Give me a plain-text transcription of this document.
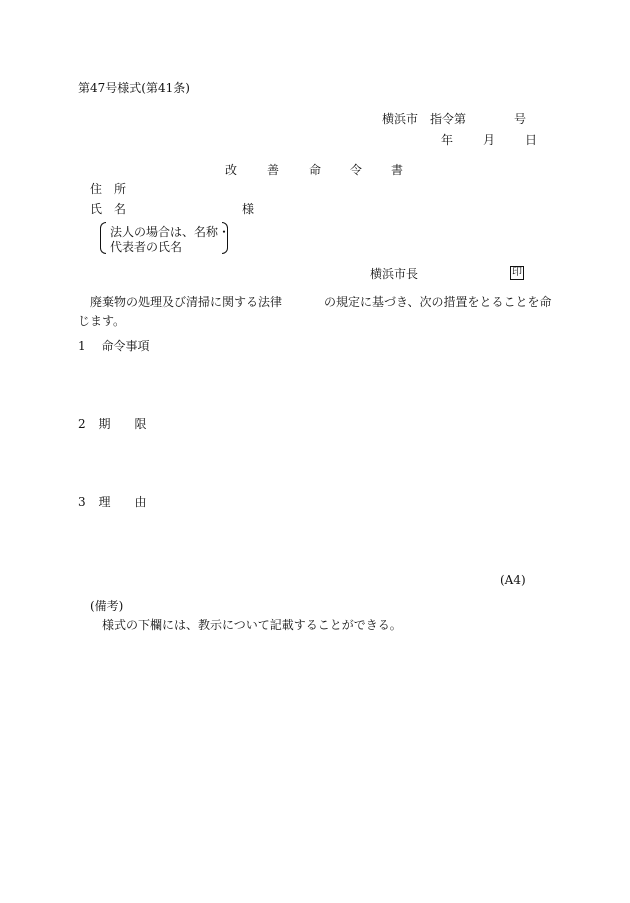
第47号様式(第41条)
横浜市　指令第　　　　号
年　　月　　日
改 善 命 令 書
住　所
氏　名	様
法人の場合は、名称・
代表者の氏名
横浜市長	印
廃棄物の処理及び清掃に関する法律	の規定に基づき、次の措置をとることを命
じます。
1 命令事項
2 期　　限
3 理　　由
(A4)
(備考)
様式の下欄には、教示について記載することができる。
